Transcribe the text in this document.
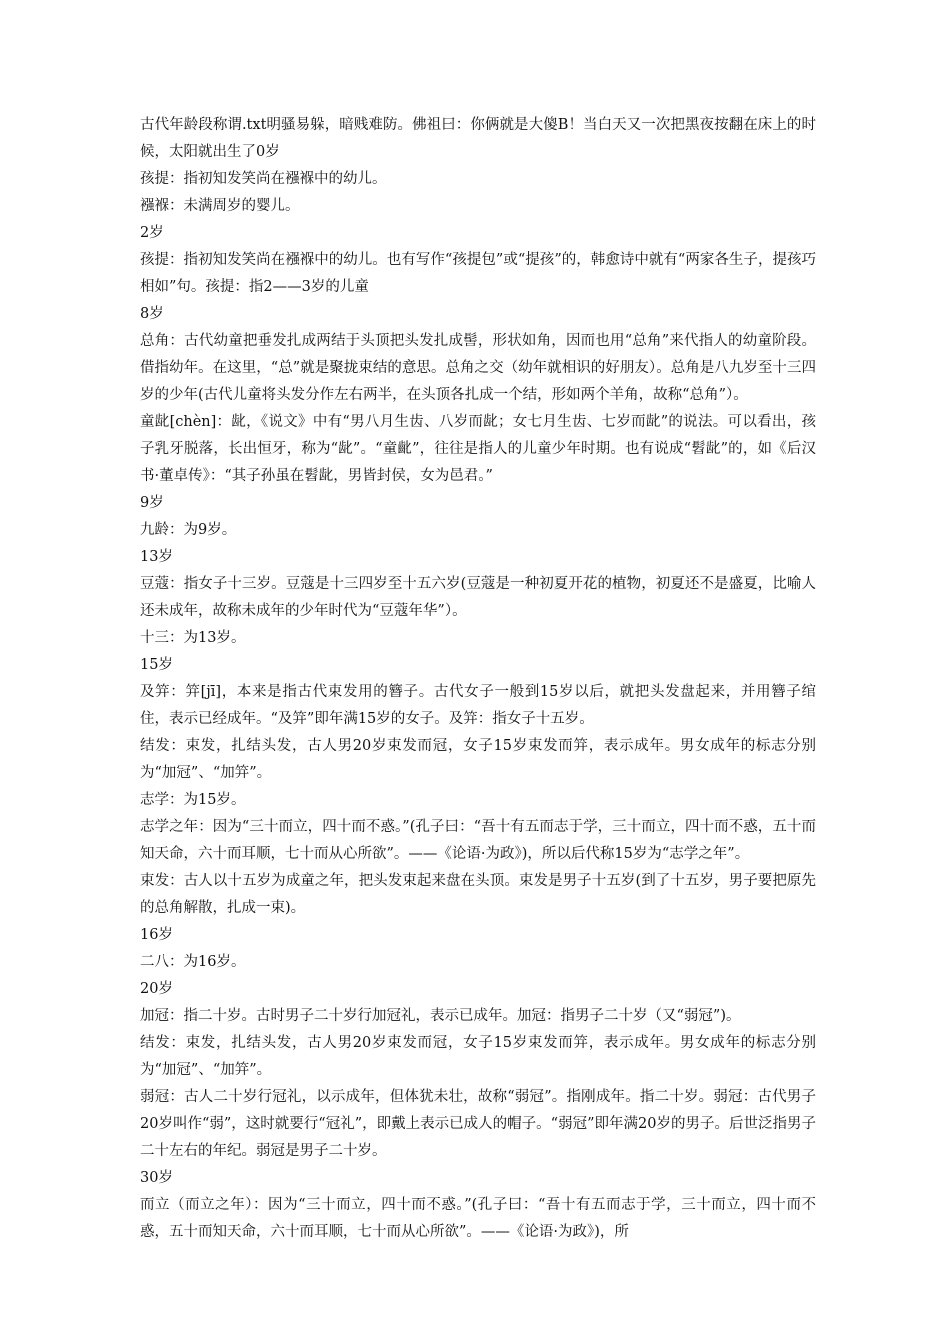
古代年龄段称谓.txt明骚易躲，暗贱难防。佛祖曰：你俩就是大傻B！当白天又一次把黑夜按翻在床上的时候，太阳就出生了0岁

孩提：指初知发笑尚在襁褓中的幼儿。

襁褓：未满周岁的婴儿。

2岁

孩提：指初知发笑尚在襁褓中的幼儿。也有写作“孩提包”或“提孩”的，韩愈诗中就有“两家各生子，提孩巧相如”句。孩提：指2——3岁的儿童

8岁

总角：古代幼童把垂发扎成两结于头顶把头发扎成髻，形状如角，因而也用“总角”来代指人的幼童阶段。借指幼年。在这里，“总”就是聚拢束结的意思。总角之交（幼年就相识的好朋友）。总角是八九岁至十三四岁的少年(古代儿童将头发分作左右两半，在头顶各扎成一个结，形如两个羊角，故称“总角”）。

童龀[chèn]：龀，《说文》中有“男八月生齿、八岁而龀；女七月生齿、七岁而龀”的说法。可以看出，孩子乳牙脱落，长出恒牙，称为“龀”。“童齔”，往往是指人的儿童少年时期。也有说成“髫龀”的，如《后汉书·董卓传》：“其子孙虽在髫龀，男皆封侯，女为邑君。”

9岁

九龄：为9岁。

13岁

豆蔻：指女子十三岁。豆蔻是十三四岁至十五六岁(豆蔻是一种初夏开花的植物，初夏还不是盛夏，比喻人还未成年，故称未成年的少年时代为“豆蔻年华”）。

十三：为13岁。

15岁

及笄：笄[jī]，本来是指古代束发用的簪子。古代女子一般到15岁以后，就把头发盘起来，并用簪子绾住，表示已经成年。“及笄”即年满15岁的女子。及笄：指女子十五岁。

结发：束发，扎结头发，古人男20岁束发而冠，女子15岁束发而笄，表示成年。男女成年的标志分别为“加冠”、“加笄”。

志学：为15岁。

志学之年：因为“三十而立，四十而不惑。”(孔子曰：“吾十有五而志于学，三十而立，四十而不惑，五十而知天命，六十而耳顺，七十而从心所欲”。——《论语·为政》)，所以后代称15岁为“志学之年”。

束发：古人以十五岁为成童之年，把头发束起来盘在头顶。束发是男子十五岁(到了十五岁，男子要把原先的总角解散，扎成一束)。

16岁

二八：为16岁。

20岁

加冠：指二十岁。古时男子二十岁行加冠礼，表示已成年。加冠：指男子二十岁（又“弱冠”)。

结发：束发，扎结头发，古人男20岁束发而冠，女子15岁束发而笄，表示成年。男女成年的标志分别为“加冠”、“加笄”。

弱冠：古人二十岁行冠礼，以示成年，但体犹未壮，故称“弱冠”。指刚成年。指二十岁。弱冠：古代男子20岁叫作“弱”，这时就要行“冠礼”，即戴上表示已成人的帽子。“弱冠”即年满20岁的男子。后世泛指男子二十左右的年纪。弱冠是男子二十岁。

30岁

而立（而立之年）：因为“三十而立，四十而不惑。”(孔子曰：“吾十有五而志于学，三十而立，四十而不惑，五十而知天命，六十而耳顺，七十而从心所欲”。——《论语·为政》)，所
